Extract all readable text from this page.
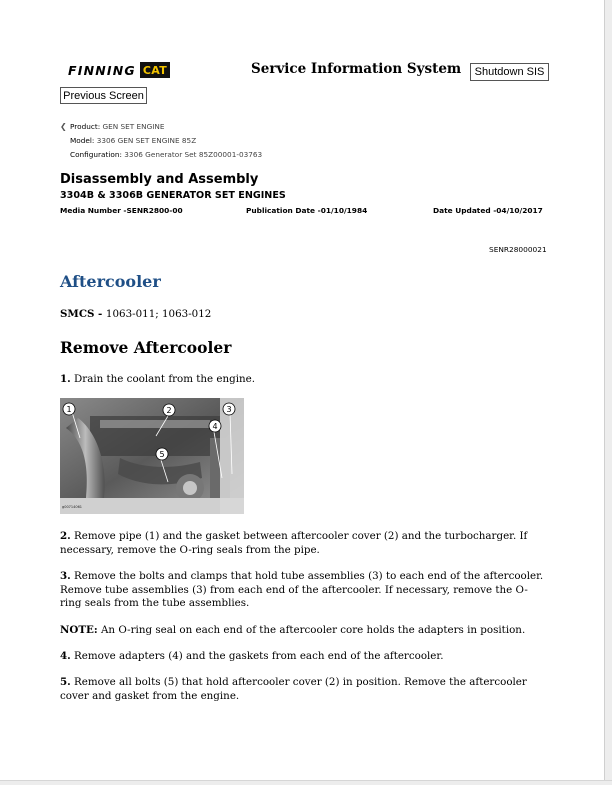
FINNING CAT	Service Information System	Shutdown SIS
Previous Screen
❮ Product: GEN SET ENGINE
Model: 3306 GEN SET ENGINE 85Z
Configuration: 3306 Generator Set 85Z00001-03763
Disassembly and Assembly
3304B & 3306B GENERATOR SET ENGINES
Media Number -SENR2800-00	Publication Date -01/10/1984	Date Updated -04/10/2017
SENR28000021
Aftercooler
SMCS - 1063-011; 1063-012
Remove Aftercooler
1. Drain the coolant from the engine.
1	2	3
4
5
g00714061
2. Remove pipe (1) and the gasket between aftercooler cover (2) and the turbocharger. If necessary, remove the O-ring seals from the pipe.
3. Remove the bolts and clamps that hold tube assemblies (3) to each end of the aftercooler. Remove tube assemblies (3) from each end of the aftercooler. If necessary, remove the O-ring seals from the tube assemblies.
NOTE: An O-ring seal on each end of the aftercooler core holds the adapters in position.
4. Remove adapters (4) and the gaskets from each end of the aftercooler.
5. Remove all bolts (5) that hold aftercooler cover (2) in position. Remove the aftercooler cover and gasket from the engine.
